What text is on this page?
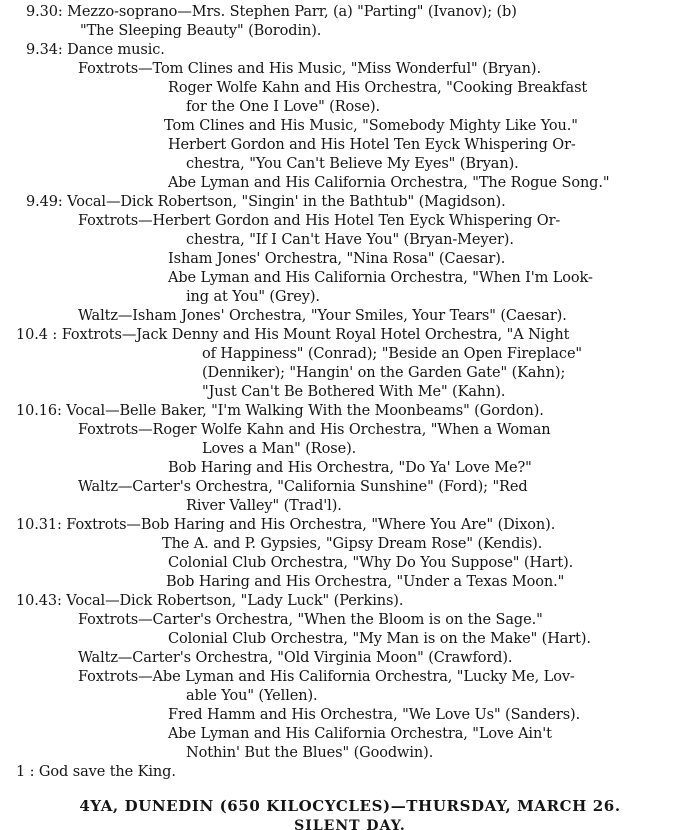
9.30: Mezzo-soprano—Mrs. Stephen Parr, (a) "Parting" (Ivanov); (b)
"The Sleeping Beauty" (Borodin).
9.34: Dance music.
Foxtrots—Tom Clines and His Music, "Miss Wonderful" (Bryan).
Roger Wolfe Kahn and His Orchestra, "Cooking Breakfast
for the One I Love" (Rose).
Tom Clines and His Music, "Somebody Mighty Like You."
Herbert Gordon and His Hotel Ten Eyck Whispering Or-
chestra, "You Can't Believe My Eyes" (Bryan).
Abe Lyman and His California Orchestra, "The Rogue Song."
9.49: Vocal—Dick Robertson, "Singin' in the Bathtub" (Magidson).
Foxtrots—Herbert Gordon and His Hotel Ten Eyck Whispering Or-
chestra, "If I Can't Have You" (Bryan-Meyer).
Isham Jones' Orchestra, "Nina Rosa" (Caesar).
Abe Lyman and His California Orchestra, "When I'm Look-
ing at You" (Grey).
Waltz—Isham Jones' Orchestra, "Your Smiles, Your Tears" (Caesar).
10.4 : Foxtrots—Jack Denny and His Mount Royal Hotel Orchestra, "A Night
of Happiness" (Conrad); "Beside an Open Fireplace"
(Denniker); "Hangin' on the Garden Gate" (Kahn);
"Just Can't Be Bothered With Me" (Kahn).
10.16: Vocal—Belle Baker, "I'm Walking With the Moonbeams" (Gordon).
Foxtrots—Roger Wolfe Kahn and His Orchestra, "When a Woman
Loves a Man" (Rose).
Bob Haring and His Orchestra, "Do Ya' Love Me?"
Waltz—Carter's Orchestra, "California Sunshine" (Ford); "Red
River Valley" (Trad'l).
10.31: Foxtrots—Bob Haring and His Orchestra, "Where You Are" (Dixon).
The A. and P. Gypsies, "Gipsy Dream Rose" (Kendis).
Colonial Club Orchestra, "Why Do You Suppose" (Hart).
Bob Haring and His Orchestra, "Under a Texas Moon."
10.43: Vocal—Dick Robertson, "Lady Luck" (Perkins).
Foxtrots—Carter's Orchestra, "When the Bloom is on the Sage."
Colonial Club Orchestra, "My Man is on the Make" (Hart).
Waltz—Carter's Orchestra, "Old Virginia Moon" (Crawford).
Foxtrots—Abe Lyman and His California Orchestra, "Lucky Me, Lov-
able You" (Yellen).
Fred Hamm and His Orchestra, "We Love Us" (Sanders).
Abe Lyman and His California Orchestra, "Love Ain't
Nothin' But the Blues" (Goodwin).
1 : God save the King.
4YA, DUNEDIN (650 KILOCYCLES)—THURSDAY, MARCH 26.
SILENT DAY.
